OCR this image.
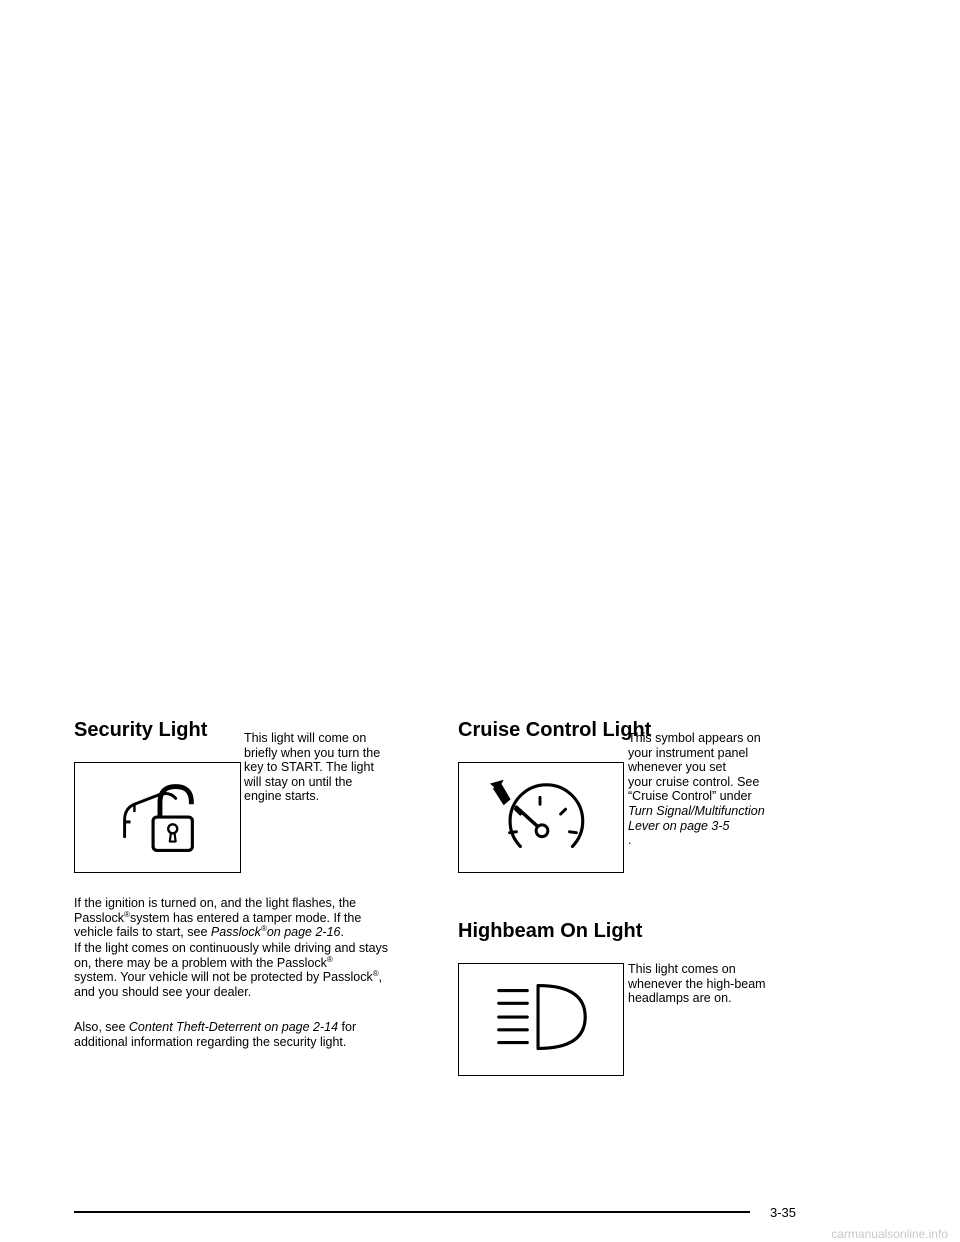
Security Light	This light will come on
briefly when you turn the
key to START. The light
will stay on until the
engine starts.

If the ignition is turned on, and the light flashes, the
Passlock®system has entered a tamper mode. If the
vehicle fails to start, see Passlock®on page 2-16.

If the light comes on continuously while driving and stays
on, there may be a problem with the Passlock®
system. Your vehicle will not be protected by Passlock®,
and you should see your dealer.

Also, see Content Theft-Deterrent on page 2-14 for
additional information regarding the security light.

Cruise Control Light
This symbol appears on
your instrument panel
whenever you set
your cruise control. See
“Cruise Control” under
Turn Signal/Multifunction
Lever on page 3-5
.
Highbeam On Light
This light comes on
whenever the high-beam
headlamps are on.
3-35
carmanualsonline.info
